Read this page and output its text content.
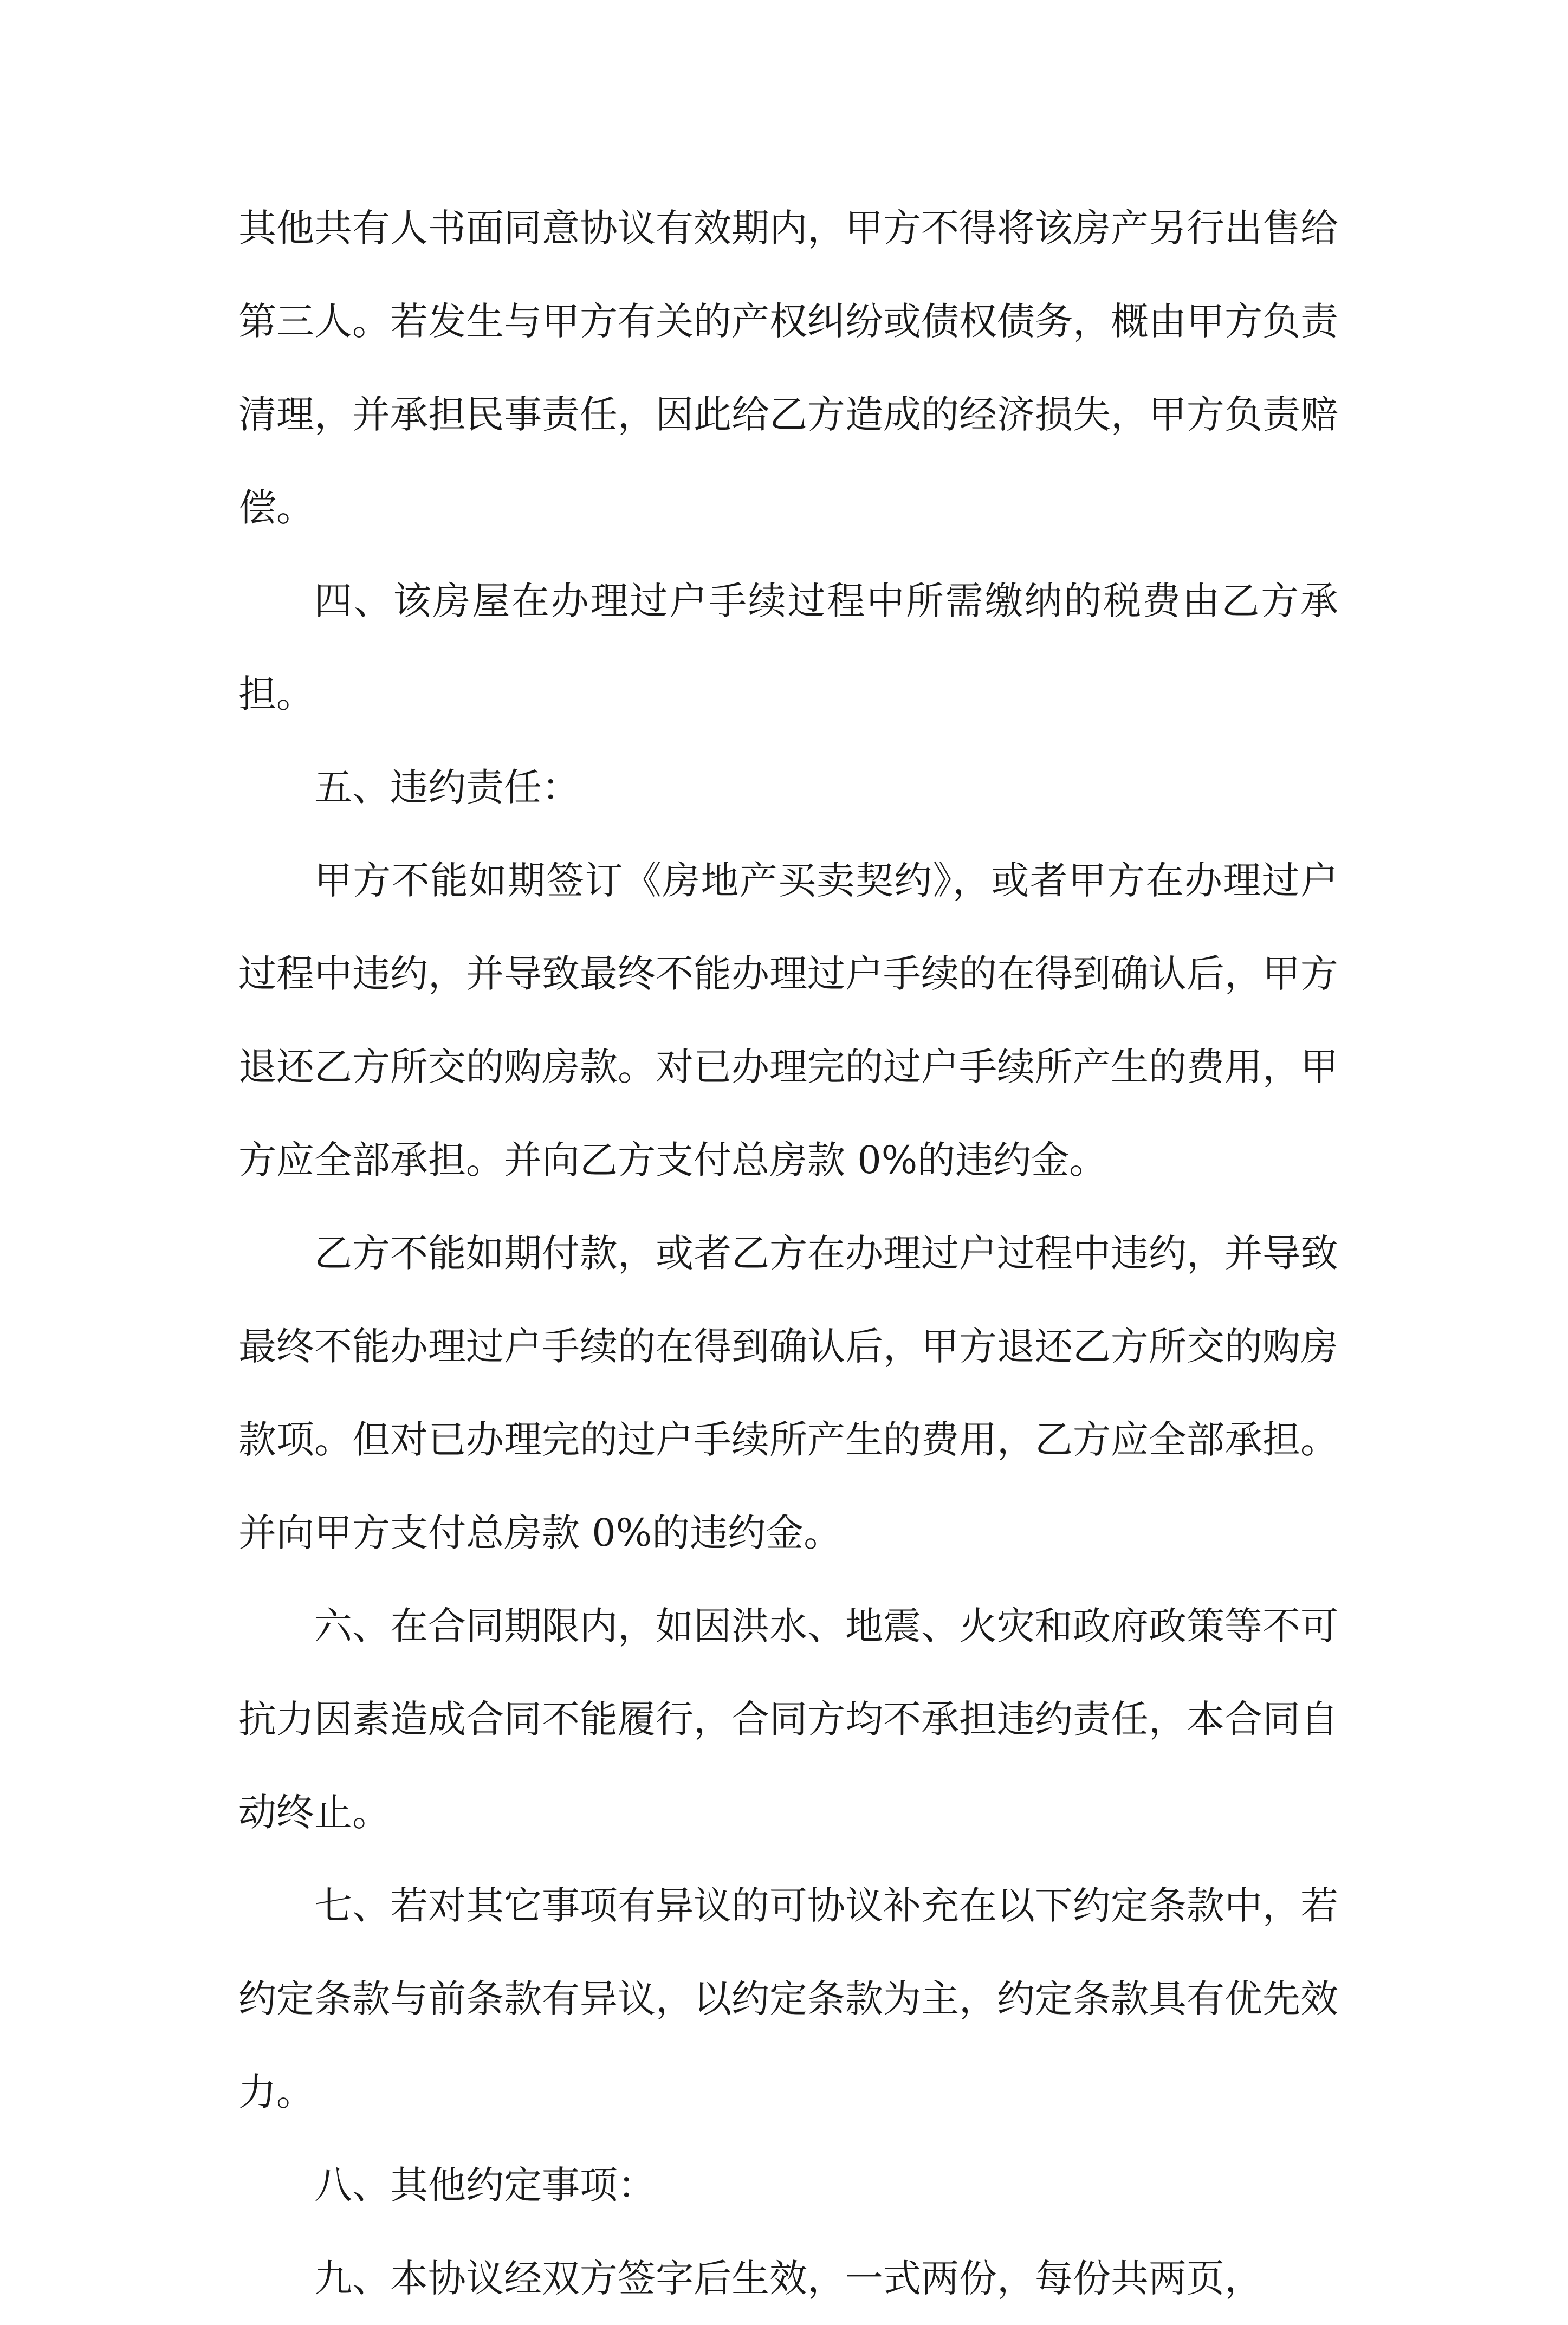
其他共有人书面同意协议有效期内，甲方不得将该房产另行出售给第三人。若发生与甲方有关的产权纠纷或债权债务，概由甲方负责清理，并承担民事责任，因此给乙方造成的经济损失，甲方负责赔偿。

四、该房屋在办理过户手续过程中所需缴纳的税费由乙方承担。

五、违约责任：

甲方不能如期签订《房地产买卖契约》，或者甲方在办理过户过程中违约，并导致最终不能办理过户手续的在得到确认后，甲方退还乙方所交的购房款。对已办理完的过户手续所产生的费用，甲方应全部承担。并向乙方支付总房款 0%的违约金。

乙方不能如期付款，或者乙方在办理过户过程中违约，并导致最终不能办理过户手续的在得到确认后，甲方退还乙方所交的购房款项。但对已办理完的过户手续所产生的费用，乙方应全部承担。并向甲方支付总房款 0%的违约金。

六、在合同期限内，如因洪水、地震、火灾和政府政策等不可抗力因素造成合同不能履行，合同方均不承担违约责任，本合同自动终止。

七、若对其它事项有异议的可协议补充在以下约定条款中，若约定条款与前条款有异议，以约定条款为主，约定条款具有优先效力。

八、其他约定事项：

九、本协议经双方签字后生效，一式两份，每份共两页，
